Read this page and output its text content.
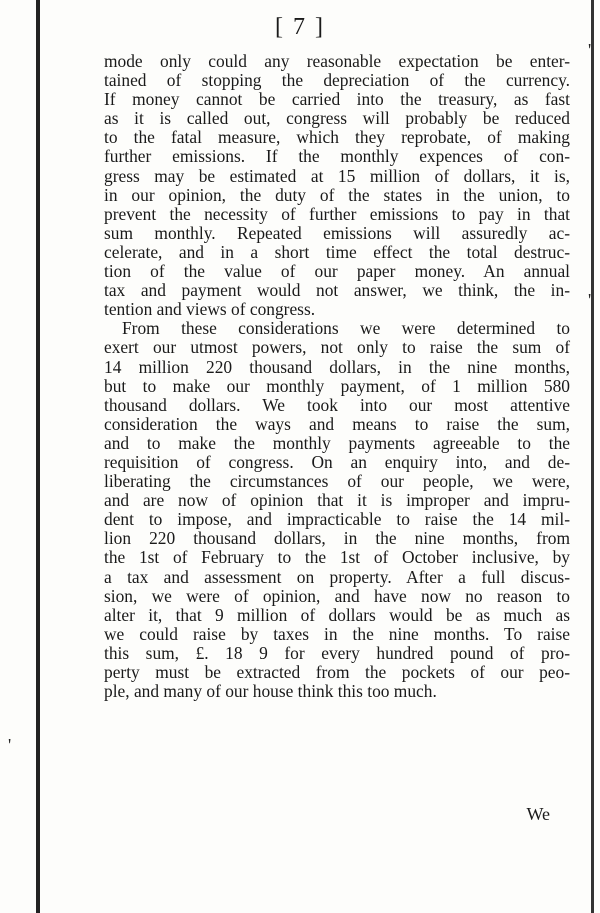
'
'
'
[ 7 ]
mode only could any reasonable expectation be enter-
tained of stopping the depreciation of the currency.
If money cannot be carried into the treasury, as fast
as it is called out, congress will probably be reduced
to the fatal measure, which they reprobate, of making
further emissions. If the monthly expences of con-
gress may be estimated at 15 million of dollars, it is,
in our opinion, the duty of the states in the union, to
prevent the necessity of further emissions to pay in that
sum monthly. Repeated emissions will assuredly ac-
celerate, and in a short time effect the total destruc-
tion of the value of our paper money. An annual
tax and payment would not answer, we think, the in-
tention and views of congress.
From these considerations we were determined to
exert our utmost powers, not only to raise the sum of
14 million 220 thousand dollars, in the nine months,
but to make our monthly payment, of 1 million 580
thousand dollars. We took into our most attentive
consideration the ways and means to raise the sum,
and to make the monthly payments agreeable to the
requisition of congress. On an enquiry into, and de-
liberating the circumstances of our people, we were,
and are now of opinion that it is improper and impru-
dent to impose, and impracticable to raise the 14 mil-
lion 220 thousand dollars, in the nine months, from
the 1st of February to the 1st of October inclusive, by
a tax and assessment on property. After a full discus-
sion, we were of opinion, and have now no reason to
alter it, that 9 million of dollars would be as much as
we could raise by taxes in the nine months. To raise
this sum, £. 18 9 for every hundred pound of pro-
perty must be extracted from the pockets of our peo-
ple, and many of our house think this too much.
We
